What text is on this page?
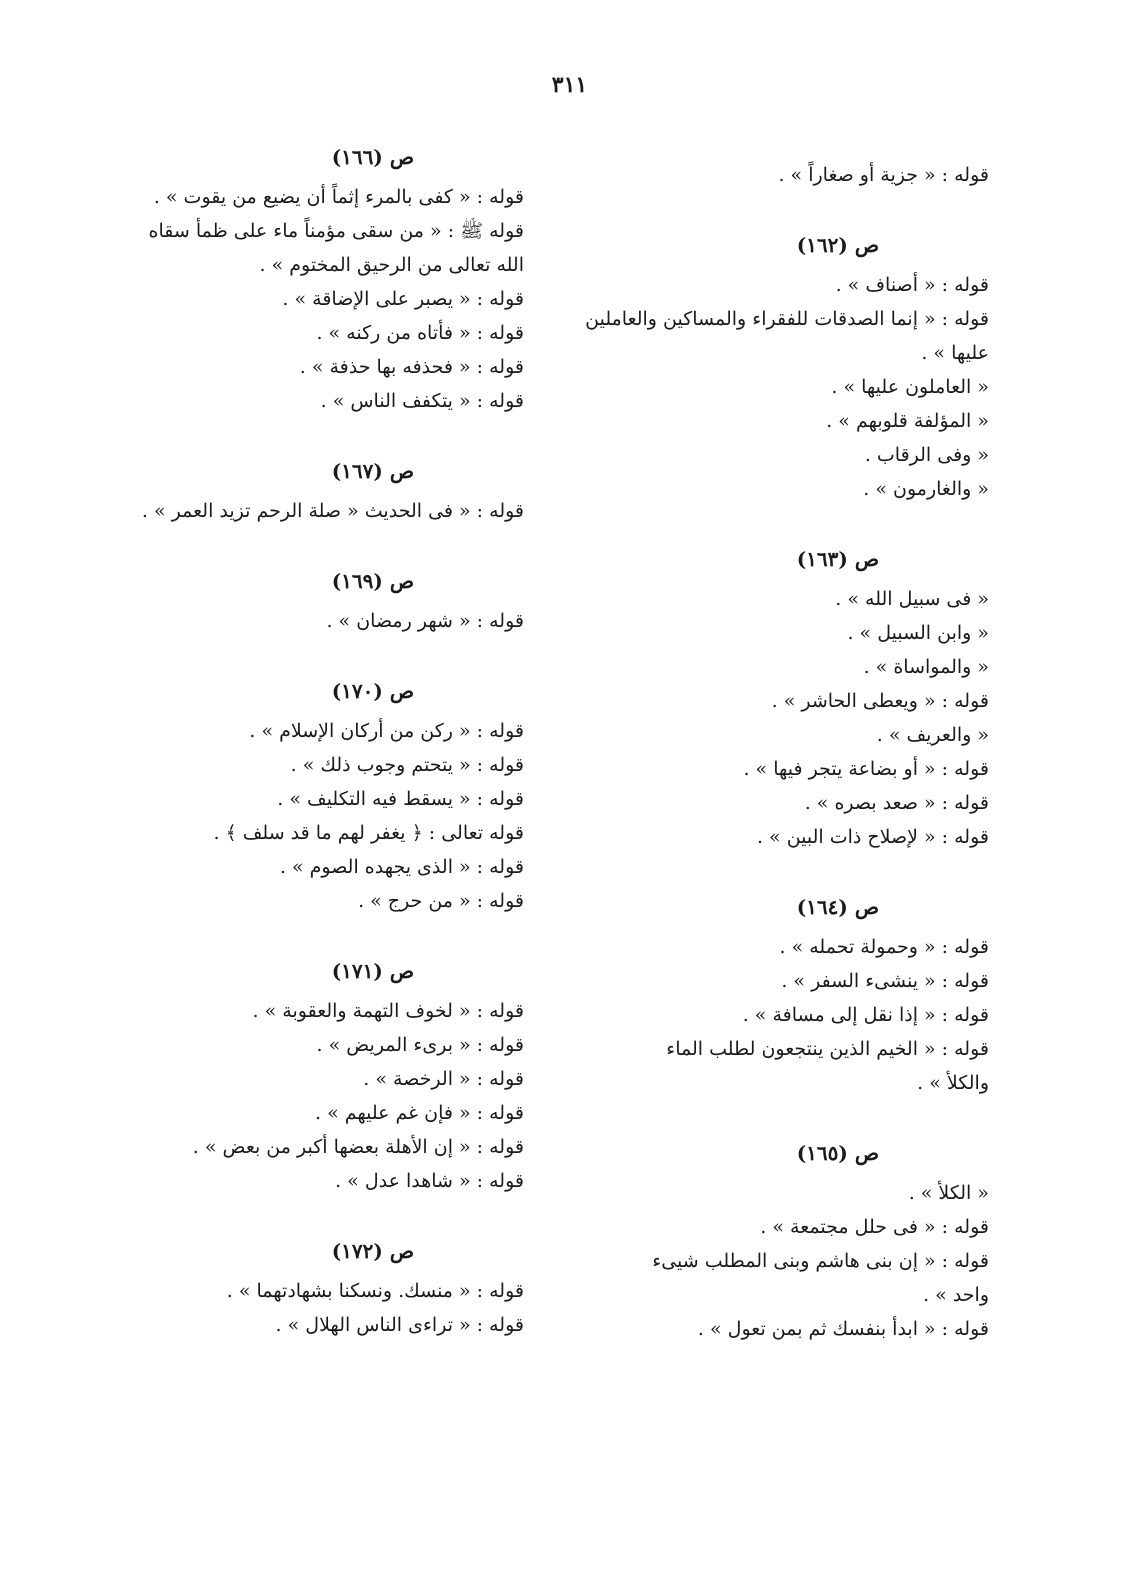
٣١١
قوله : « جزية أو صغاراً » .
ص (١٦٢)
قوله : « أصناف » .
قوله : « إنما الصدقات للفقراء والمساكين والعاملين
عليها » .
« العاملون عليها » .
« المؤلفة قلوبهم » .
« وفى الرقاب .
« والغارمون » .
ص (١٦٣)
« فى سبيل الله » .
« وابن السبيل » .
« والمواساة » .
قوله : « ويعطى الحاشر » .
« والعريف » .
قوله : « أو بضاعة يتجر فيها » .
قوله : « صعد بصره » .
قوله : « لإصلاح ذات البين » .
ص (١٦٤)
قوله : « وحمولة تحمله » .
قوله : « ينشىء السفر » .
قوله : « إذا نقل إلى مسافة » .
قوله : « الخيم الذين ينتجعون لطلب الماء
والكلأ » .
ص (١٦٥)
« الكلأ » .
قوله : « فى حلل مجتمعة » .
قوله : « إن بنى هاشم وبنى المطلب شيىء
واحد » .
قوله : « ابدأ بنفسك ثم بمن تعول » .
ص (١٦٦)
قوله : « كفى بالمرء إثماً أن يضيع من يقوت » .
قوله ﷺ : « من سقى مؤمناً ماء على ظمأ سقاه
الله تعالى من الرحيق المختوم » .
قوله : « يصبر على الإضاقة » .
قوله : « فأتاه من ركنه » .
قوله : « فحذفه بها حذفة » .
قوله : « يتكفف الناس » .
ص (١٦٧)
قوله : « فى الحديث « صلة الرحم تزيد العمر » .
ص (١٦٩)
قوله : « شهر رمضان » .
ص (١٧٠)
قوله : « ركن من أركان الإسلام » .
قوله : « يتحتم وجوب ذلك » .
قوله : « يسقط فيه التكليف » .
قوله تعالى : ﴿ يغفر لهم ما قد سلف ﴾ .
قوله : « الذى يجهده الصوم » .
قوله : « من حرج » .
ص (١٧١)
قوله : « لخوف التهمة والعقوبة » .
قوله : « برىء المريض » .
قوله : « الرخصة » .
قوله : « فإن غم عليهم » .
قوله : « إن الأهلة بعضها أكبر من بعض » .
قوله : « شاهدا عدل » .
ص (١٧٢)
قوله : « منسك. ونسكنا بشهادتهما » .
قوله : « تراءى الناس الهلال » .
